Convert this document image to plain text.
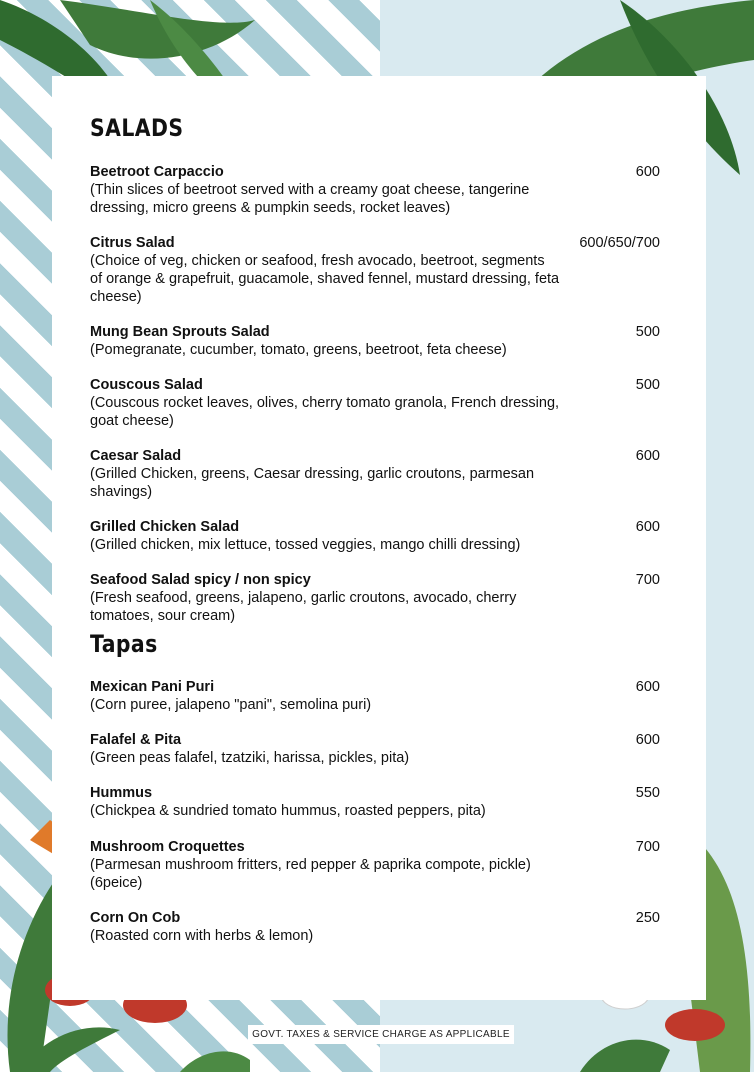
SALADS
Tapas
Beetroot Carpaccio
(Thin slices of beetroot served with a creamy goat cheese, tangerine dressing, micro greens & pumpkin seeds, rocket leaves)
600
Citrus Salad
(Choice of veg, chicken or seafood, fresh avocado, beetroot, segments of orange & grapefruit, guacamole, shaved fennel, mustard dressing, feta cheese)
600/650/700
Mung Bean Sprouts Salad
(Pomegranate, cucumber, tomato, greens, beetroot, feta cheese)
500
Couscous Salad
(Couscous rocket leaves, olives, cherry tomato granola, French dressing, goat cheese)
500
Caesar Salad
(Grilled Chicken, greens, Caesar dressing, garlic croutons, parmesan shavings)
600
Grilled Chicken Salad
(Grilled chicken, mix lettuce, tossed veggies, mango chilli dressing)
600
Seafood Salad spicy / non spicy
(Fresh seafood, greens, jalapeno, garlic croutons, avocado, cherry tomatoes, sour cream)
700
Mexican Pani Puri
(Corn puree, jalapeno "pani", semolina puri)
600
Falafel & Pita
(Green peas falafel, tzatziki, harissa, pickles, pita)
600
Hummus
(Chickpea & sundried tomato hummus, roasted peppers, pita)
550
Mushroom Croquettes
(Parmesan mushroom fritters, red pepper & paprika compote, pickle) (6peice)
700
Corn On Cob
(Roasted corn with herbs & lemon)
250
GOVT. TAXES & SERVICE CHARGE AS APPLICABLE
